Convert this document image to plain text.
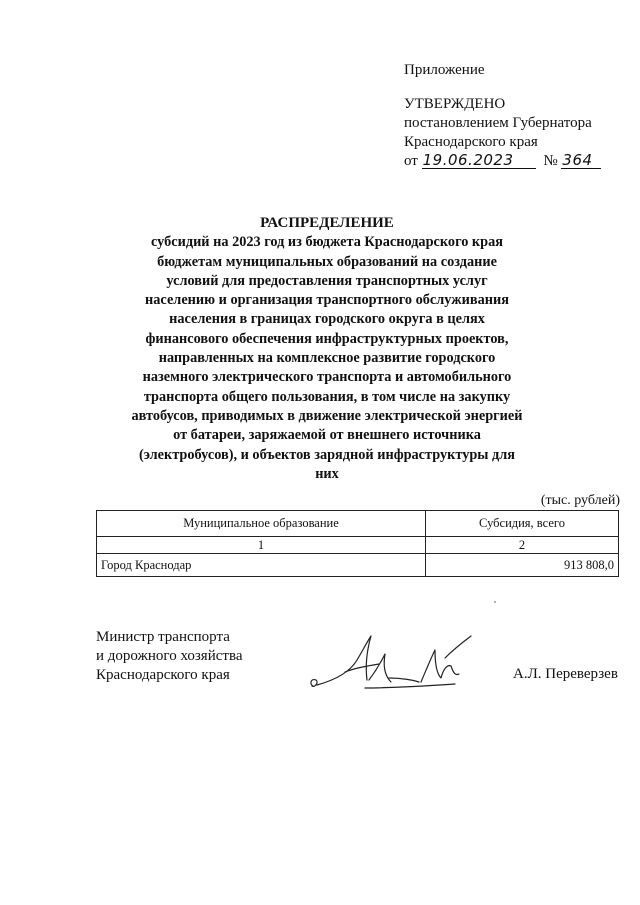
Приложение
УТВЕРЖДЕНО
постановлением Губернатора
Краснодарского края
от 19.06.2023 № 364
РАСПРЕДЕЛЕНИЕ
субсидий на 2023 год из бюджета Краснодарского края бюджетам муниципальных образований на создание условий для предоставления транспортных услуг населению и организация транспортного обслуживания населения в границах городского округа в целях финансового обеспечения инфраструктурных проектов, направленных на комплексное развитие городского наземного электрического транспорта и автомобильного транспорта общего пользования, в том числе на закупку автобусов, приводимых в движение электрической энергией от батареи, заряжаемой от внешнего источника (электробусов), и объектов зарядной инфраструктуры для них
(тыс. рублей)
Муниципальное образование	Субсидия, всего
1	2
Город Краснодар	913 808,0
Министр транспорта
и дорожного хозяйства
Краснодарского края	А.Л. Переверзев
